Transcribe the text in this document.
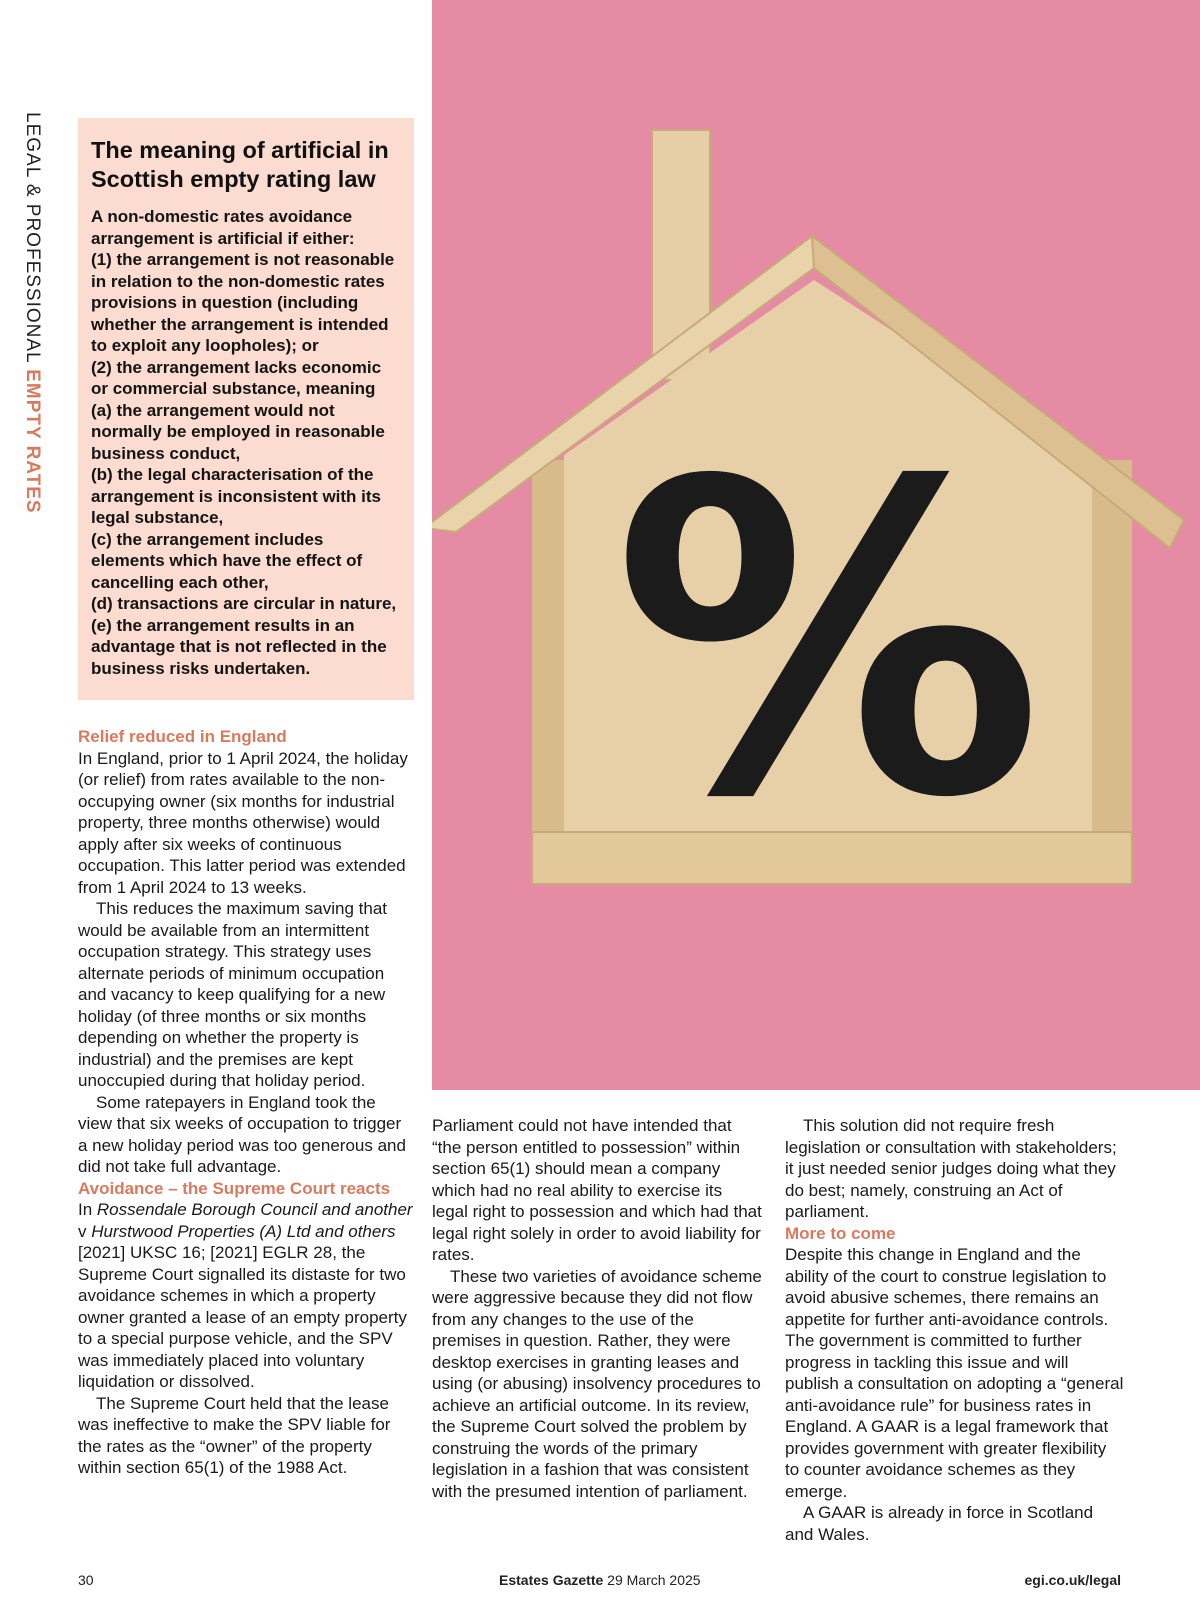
LEGAL & PROFESSIONAL EMPTY RATES %
The meaning of artificial in Scottish empty rating law

A non-domestic rates avoidance arrangement is artificial if either:
(1) the arrangement is not reasonable in relation to the non-domestic rates provisions in question (including whether the arrangement is intended to exploit any loopholes); or
(2) the arrangement lacks economic or commercial substance, meaning
(a) the arrangement would not normally be employed in reasonable business conduct,
(b) the legal characterisation of the arrangement is inconsistent with its legal substance,
(c) the arrangement includes elements which have the effect of cancelling each other,
(d) transactions are circular in nature,
(e) the arrangement results in an advantage that is not reflected in the business risks undertaken.

Relief reduced in England

In England, prior to 1 April 2024, the holiday (or relief) from rates available to the non-occupying owner (six months for industrial property, three months otherwise) would apply after six weeks of continuous occupation. This latter period was extended from 1 April 2024 to 13 weeks.

This reduces the maximum saving that would be available from an intermittent occupation strategy. This strategy uses alternate periods of minimum occupation and vacancy to keep qualifying for a new holiday (of three months or six months depending on whether the property is industrial) and the premises are kept unoccupied during that holiday period.

Some ratepayers in England took the view that six weeks of occupation to trigger a new holiday period was too generous and did not take full advantage.

Avoidance – the Supreme Court reacts

In Rossendale Borough Council and another v Hurstwood Properties (A) Ltd and others [2021] UKSC 16; [2021] EGLR 28, the Supreme Court signalled its distaste for two avoidance schemes in which a property owner granted a lease of an empty property to a special purpose vehicle, and the SPV was immediately placed into voluntary liquidation or dissolved.

The Supreme Court held that the lease was ineffective to make the SPV liable for the rates as the “owner” of the property within section 65(1) of the 1988 Act.

Parliament could not have intended that “the person entitled to possession” within section 65(1) should mean a company which had no real ability to exercise its legal right to possession and which had that legal right solely in order to avoid liability for rates.

These two varieties of avoidance scheme were aggressive because they did not flow from any changes to the use of the premises in question. Rather, they were desktop exercises in granting leases and using (or abusing) insolvency procedures to achieve an artificial outcome. In its review, the Supreme Court solved the problem by construing the words of the primary legislation in a fashion that was consistent with the presumed intention of parliament.

This solution did not require fresh legislation or consultation with stakeholders; it just needed senior judges doing what they do best; namely, construing an Act of parliament.

More to come

Despite this change in England and the ability of the court to construe legislation to avoid abusive schemes, there remains an appetite for further anti-avoidance controls. The government is committed to further progress in tackling this issue and will publish a consultation on adopting a “general anti-avoidance rule” for business rates in England. A GAAR is a legal framework that provides government with greater flexibility to counter avoidance schemes as they emerge.

A GAAR is already in force in Scotland and Wales.

30	Estates Gazette 29 March 2025	egi.co.uk/legal
